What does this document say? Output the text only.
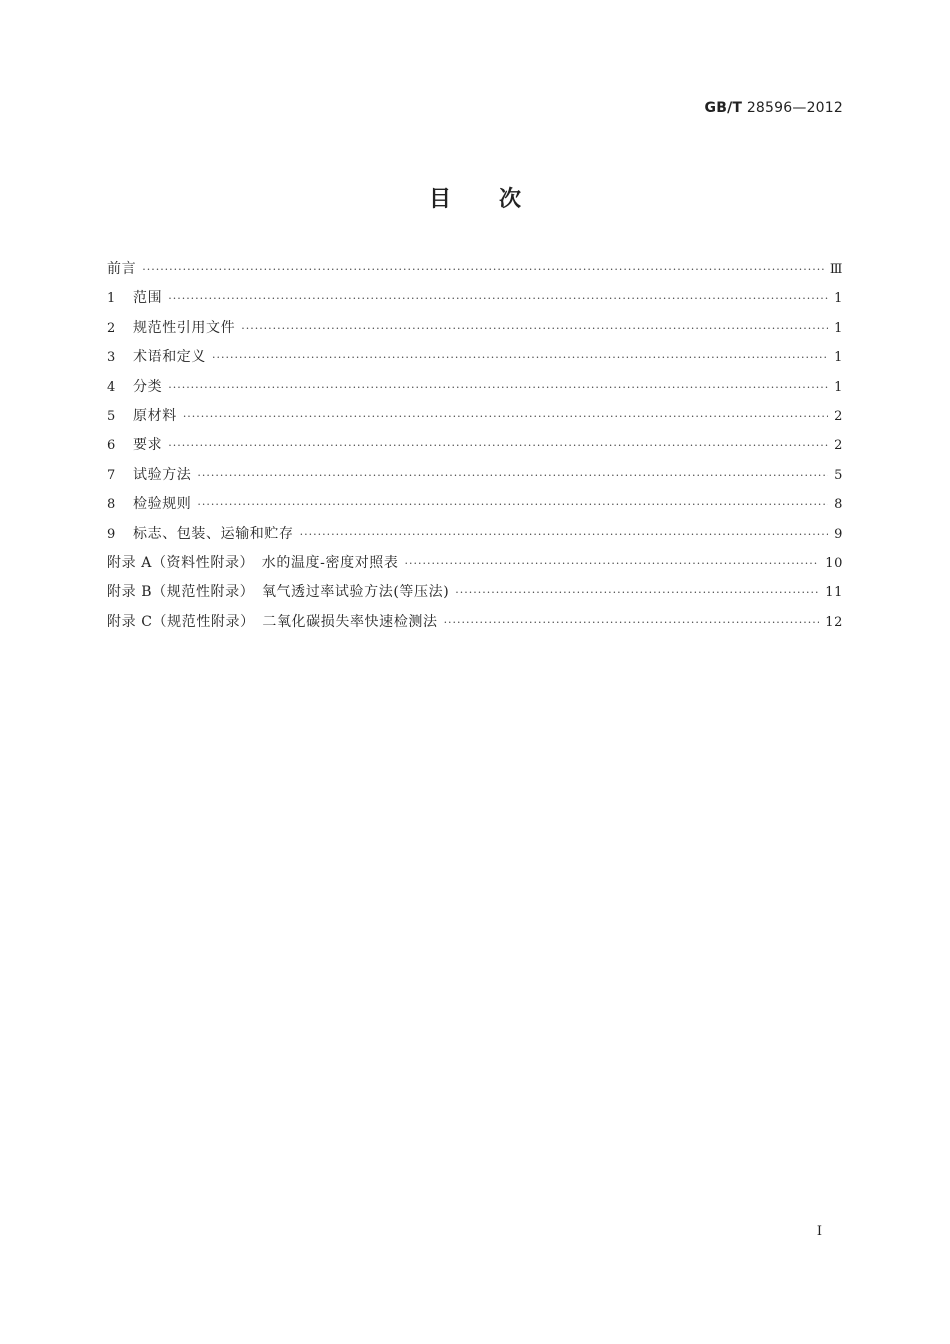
GB/T 28596—2012
目次
前言 ·····	Ⅲ
1	范围 ·····	1
2	规范性引用文件 ·····	1
3	术语和定义 ·····	1
4	分类 ·····	1
5	原材料 ·····	2
6	要求 ·····	2
7	试验方法 ·····	5
8	检验规则 ·····	8
9	标志、包装、运输和贮存 ·····	9
附录 A（资料性附录）　水的温度-密度对照表 ·····	10
附录 B（规范性附录）　氧气透过率试验方法(等压法) ·····	11
附录 C（规范性附录）　二氧化碳损失率快速检测法 ·····	12
I
